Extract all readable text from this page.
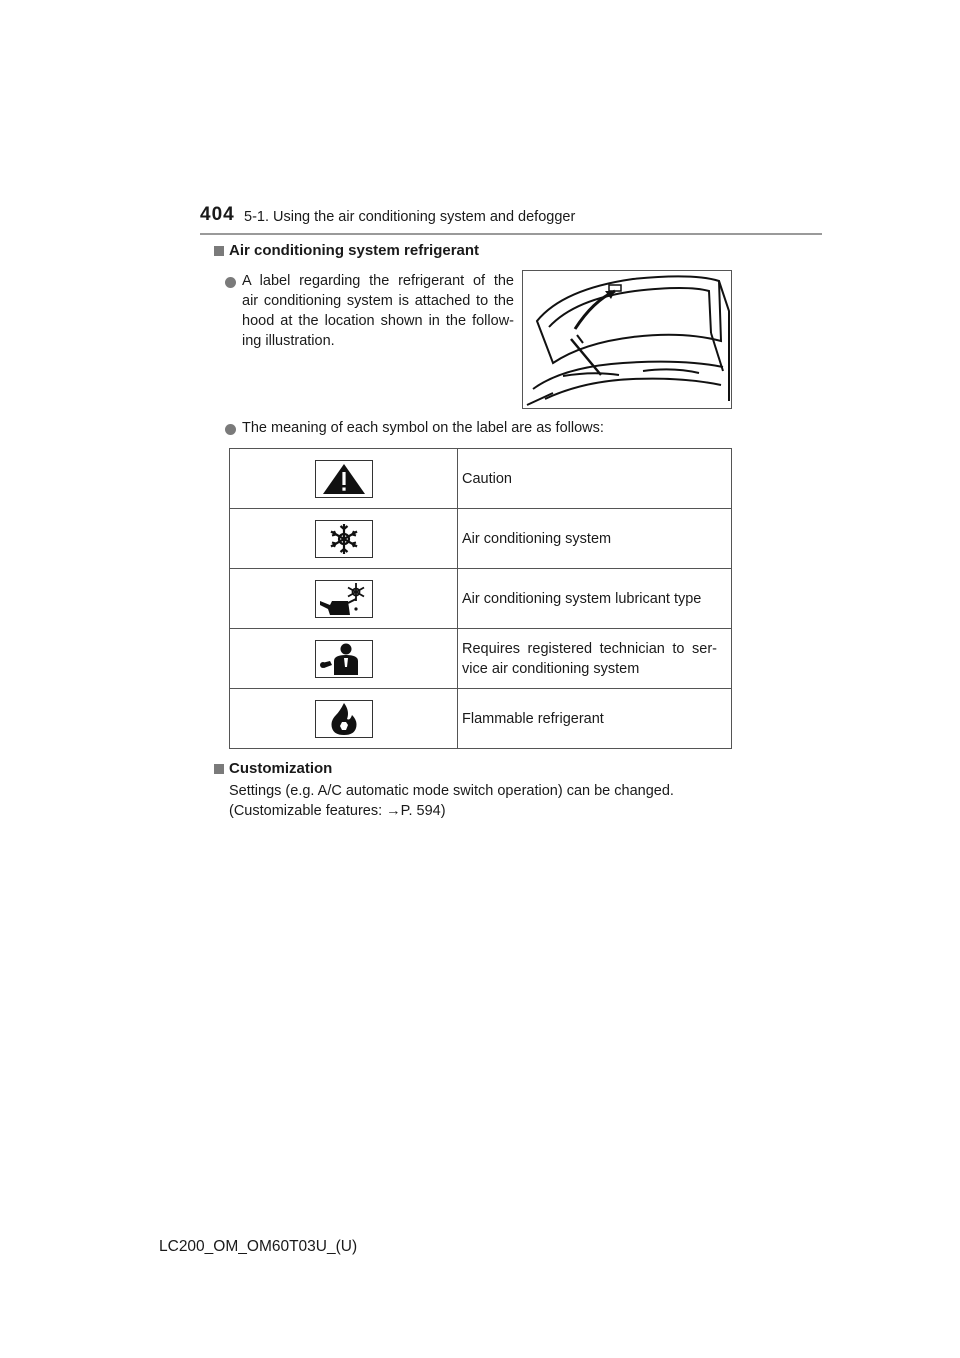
404 5-1. Using the air conditioning system and defogger
Air conditioning system refrigerant
A label regarding the refrigerant of the
air conditioning system is attached to the
hood at the location shown in the follow-
ing illustration.
The meaning of each symbol on the label are as follows:

Caution

Air conditioning system

Air conditioning system lubricant type

Requires registered technician to ser-
vice air conditioning system

Flammable refrigerant
Customization
Settings (e.g. A/C automatic mode switch operation) can be changed.
(Customizable features: →P. 594)
LC200_OM_OM60T03U_(U)
